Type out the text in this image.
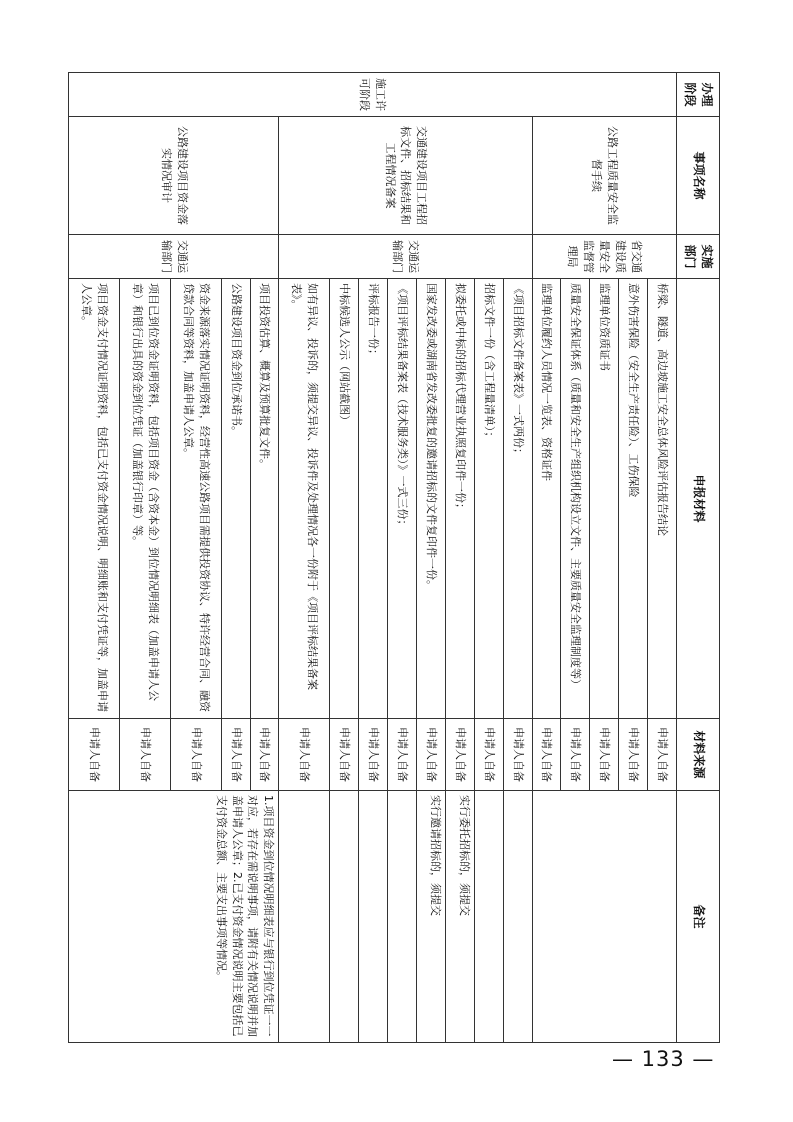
办理阶段	事项名称	实施部门	申报材料	材料来源	备注
施工许可阶段	公路工程质量安全监督手续	省交通建设质量安全监督管理局	桥梁、隧道、高边坡施工安全总体风险评估报告结论	申请人自备	
			意外伤害保险（安全生产责任险）、工伤保险	申请人自备	
			监理单位资质证书	申请人自备	
			质量安全保证体系（质量和安全生产组织机构设立文件、主要质量安全监理制度等）	申请人自备	
			监理单位履约人员情况一览表、资格证件	申请人自备	
	交通建设项目工程招标文件、招标结果和工程情况备案	交通运输部门	《项目招标文件备案表》一式两份；	申请人自备	
			招标文件一份（含工程量清单）；	申请人自备	
			拟委托或中标的招标代理营业执照复印件一份；	申请人自备	实行委托招标的，须提交
			国家发改委或湖南省发改委批复的邀请招标的文件复印件一份。	申请人自备	实行邀请招标的，须提交
			《项目评标结果备案表（技术服务类）》一式三份；	申请人自备	
			评标报告一份；	申请人自备	
			中标候选人公示（网站截图）	申请人自备	
			如有异议、投诉的，须提交异议、投诉件及处理情况各一份附于《项目评标结果备案表》。	申请人自备	
	公路建设项目资金落实情况审计	交通运输部门	项目投资估算、概算及预算批复文件。	申请人自备	1.项目资金到位情况明细表应与银行到位凭证一一对应，若存在需说明事项，请附有关情况说明并加盖申请人公章；2.已支付资金情况说明主要包括已支付资金总额、主要支出事项等情况。
			公路建设项目资金到位承诺书。	申请人自备	
			资金来源落实情况证明资料，经营性高速公路项目需提供投资协议、特许经营合同、融资贷款合同等资料，加盖申请人公章。	申请人自备	
			项目已到位资金证明资料，包括项目资金（含资本金）到位情况明细表（加盖申请人公章）和银行出具的资金到位凭证（加盖银行印章）等。	申请人自备	
			项目资金支付情况证明资料，包括已支付资金情况说明、明细账和支付凭证等，加盖申请人公章。	申请人自备	
— 133 —
